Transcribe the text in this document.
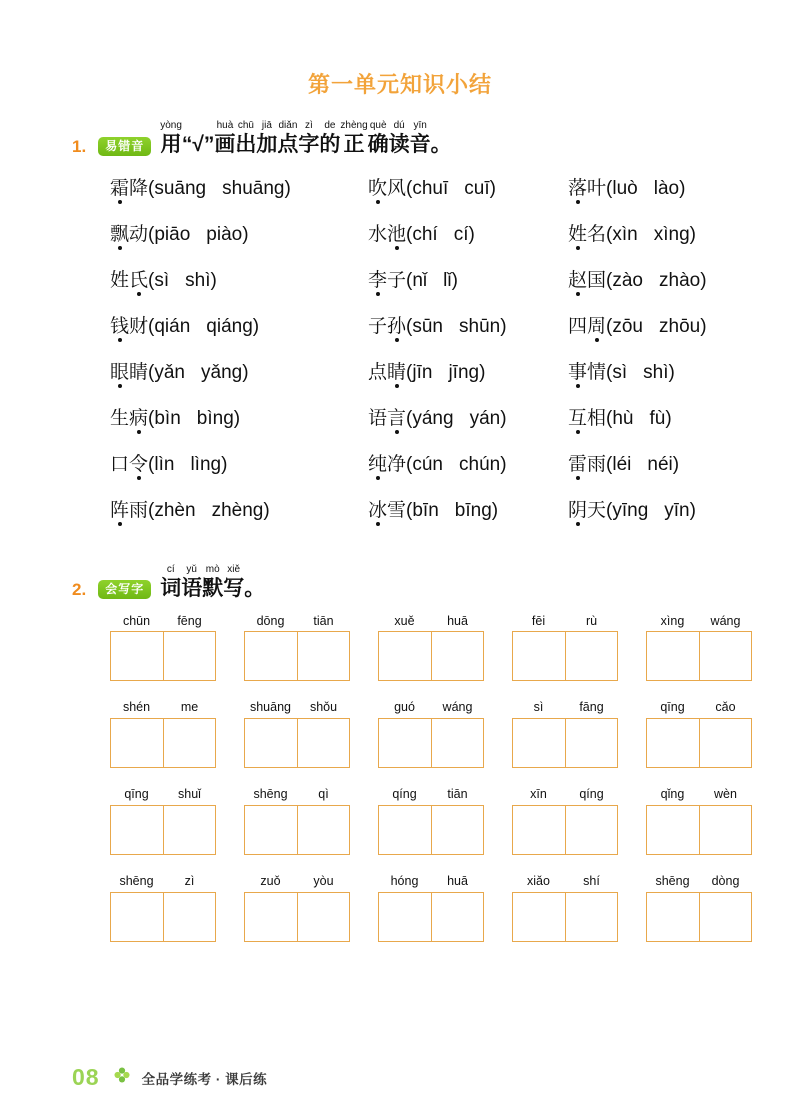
第一单元知识小结
1.	易错音
yòng
用 “ √ ”
huà
画
chū
出
jiā
加
diǎn
点
zì
字
de
的
zhèng
正
què
确
dú
读
yīn
音 。
霜 降 ( suāng shuāng )	吹 风 ( chuī cuī )	落 叶 ( luò lào )
飘 动 ( piāo piào )	水 池 ( chí cí )	姓 名 ( xìn xìng )
姓 氏 ( sì shì )	李 子 ( nǐ lǐ )	赵 国 ( zào zhào )
钱 财 ( qián qiáng )	子 孙 ( sūn shūn )	四 周 ( zōu zhōu )
眼 睛 ( yǎn yǎng )	点 睛 ( jīn jīng )	事 情 ( sì shì )
生 病 ( bìn bìng )	语 言 ( yáng yán )	互 相 ( hù fù )
口 令 ( lìn lìng )	纯 净 ( cún chún )	雷 雨 ( léi néi )
阵 雨 ( zhèn zhèng )	冰 雪 ( bīn bīng )	阴 天 ( yīng yīn )
2.	会写字
cí
词
yǔ
语
mò
默
xiě
写 。
chūn	fēng	dōng	tiān	xuě	huā	fēi	rù	xìng	wáng
shén	me	shuāng	shǒu	guó	wáng	sì	fāng	qīng	cǎo
qīng	shuǐ	shēng	qì	qíng	tiān	xīn	qíng	qǐng	wèn
shēng	zì	zuǒ	yòu	hóng	huā	xiǎo	shí	shēng	dòng
08	全品学练考 · 课后练
